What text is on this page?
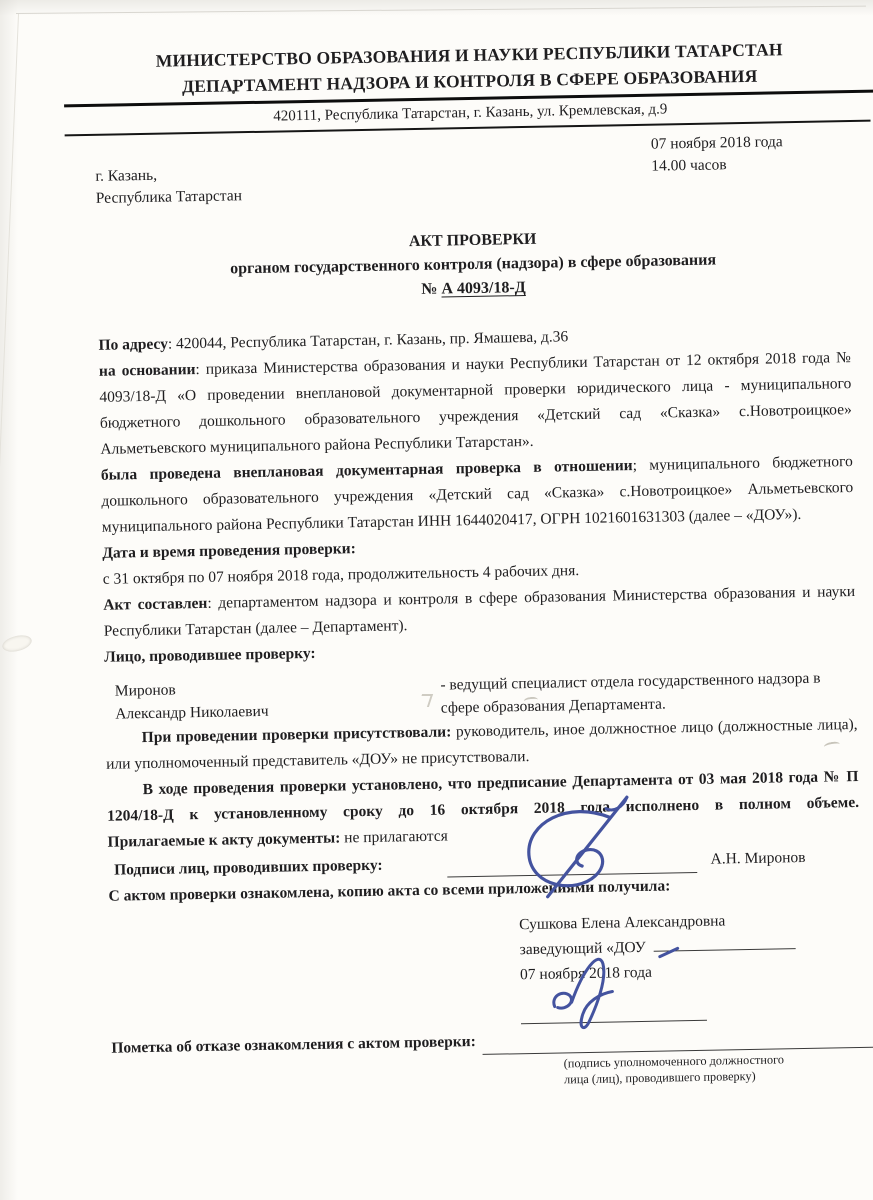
МИНИСТЕРСТВО ОБРАЗОВАНИЯ И НАУКИ РЕСПУБЛИКИ ТАТАРСТАН
ДЕПАРТАМЕНТ НАДЗОРА И КОНТРОЛЯ В СФЕРЕ ОБРАЗОВАНИЯ
420111, Республика Татарстан, г. Казань, ул. Кремлевская, д.9
г. Казань,
Республика Татарстан
07 ноября 2018 года
14.00 часов
АКТ ПРОВЕРКИ
органом государственного контроля (надзора) в сфере образования
№ А 4093/18-Д

По адресу: 420044, Республика Татарстан, г. Казань, пр. Ямашева, д.36

на основании: приказа Министерства образования и науки Республики Татарстан от 12 октября 2018 года № 4093/18-Д «О проведении внеплановой документарной проверки юридического лица - муниципального бюджетного дошкольного образовательного учреждения «Детский сад «Сказка» с.Новотроицкое» Альметьевского муниципального района Республики Татарстан».

была проведена внеплановая документарная проверка в отношении; муниципального бюджетного дошкольного образовательного учреждения «Детский сад «Сказка» с.Новотроицкое» Альметьевского муниципального района Республики Татарстан ИНН 1644020417, ОГРН 1021601631303 (далее – «ДОУ»).

Дата и время проведения проверки:

с 31 октября по 07 ноября 2018 года, продолжительность 4 рабочих дня.

Акт составлен: департаментом надзора и контроля в сфере образования Министерства образования и науки Республики Татарстан (далее – Департамент).

Лицо, проводившее проверку:

Миронов
Александр Николаевич
- ведущий специалист отдела государственного надзора в сфере образования Департамента.

При проведении проверки присутствовали: руководитель, иное должностное лицо (должностные лица), или уполномоченный представитель «ДОУ» не присутствовали.

В ходе проведения проверки установлено, что предписание Департамента от 03 мая 2018 года № П 1204/18-Д к установленному сроку до 16 октября 2018 года исполнено в полном объеме.

Прилагаемые к акту документы: не прилагаются

Подписи лиц, проводивших проверку:	А.Н. Миронов

С актом проверки ознакомлена, копию акта со всеми приложениями получила:

Сушкова Елена Александровна
заведующий «ДОУ
07 ноября 2018 года
Пометка об отказе ознакомления с актом проверки:
(подпись уполномоченного должностного
лица (лиц), проводившего проверку)
